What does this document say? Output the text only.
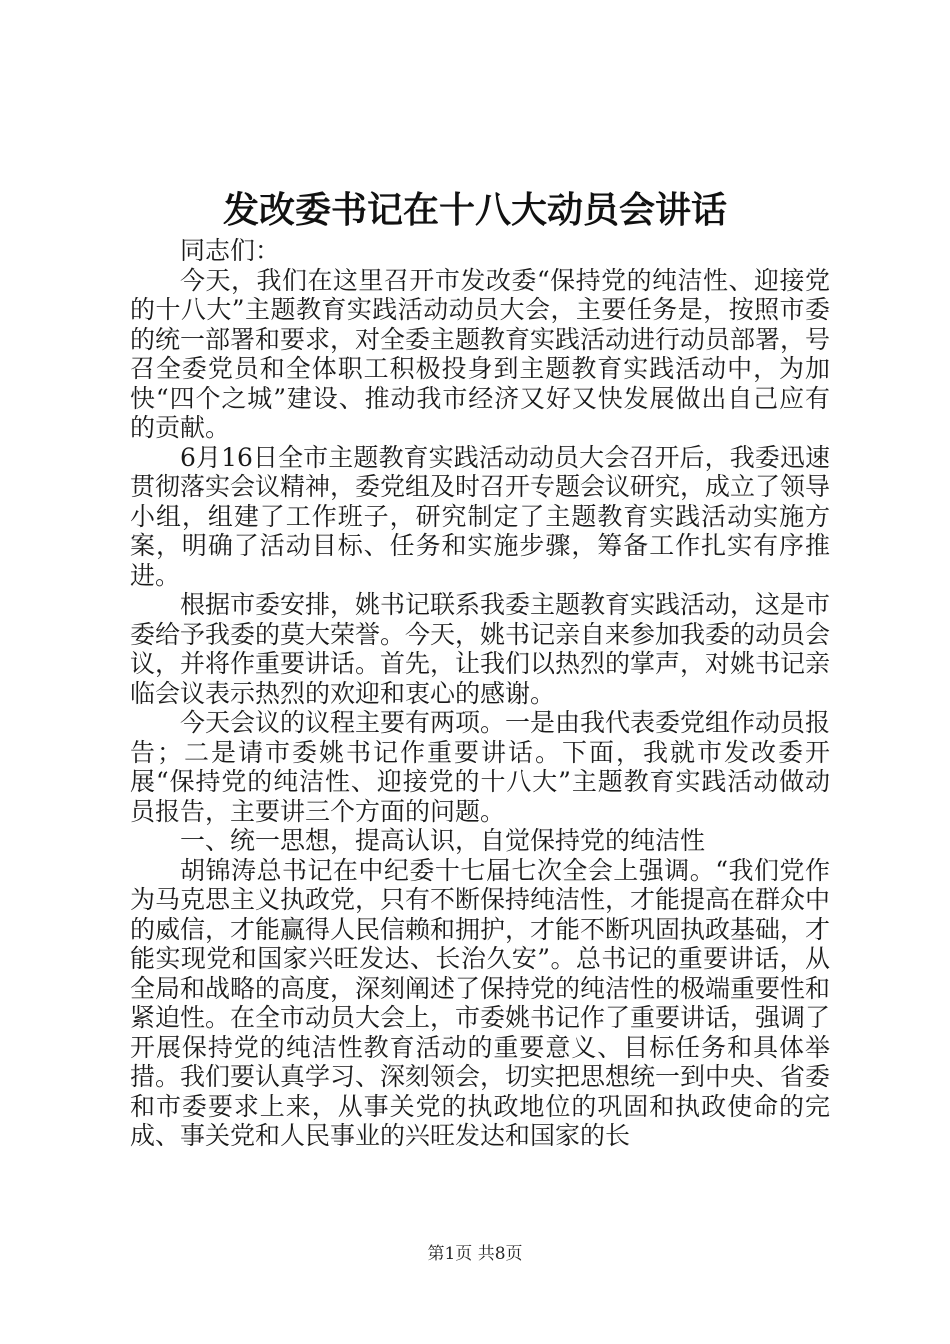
发改委书记在十八大动员会讲话

同志们：

今天，我们在这里召开市发改委“保持党的纯洁性、迎接党的十八大”主题教育实践活动动员大会，主要任务是，按照市委的统一部署和要求，对全委主题教育实践活动进行动员部署，号召全委党员和全体职工积极投身到主题教育实践活动中，为加快“四个之城”建设、推动我市经济又好又快发展做出自己应有的贡献。

6月16日全市主题教育实践活动动员大会召开后，我委迅速贯彻落实会议精神，委党组及时召开专题会议研究，成立了领导小组，组建了工作班子，研究制定了主题教育实践活动实施方案，明确了活动目标、任务和实施步骤，筹备工作扎实有序推进。

根据市委安排，姚书记联系我委主题教育实践活动，这是市委给予我委的莫大荣誉。今天，姚书记亲自来参加我委的动员会议，并将作重要讲话。首先，让我们以热烈的掌声，对姚书记亲临会议表示热烈的欢迎和衷心的感谢。

今天会议的议程主要有两项。一是由我代表委党组作动员报告；二是请市委姚书记作重要讲话。下面，我就市发改委开展“保持党的纯洁性、迎接党的十八大”主题教育实践活动做动员报告，主要讲三个方面的问题。

一、统一思想，提高认识，自觉保持党的纯洁性

胡锦涛总书记在中纪委十七届七次全会上强调。“我们党作为马克思主义执政党，只有不断保持纯洁性，才能提高在群众中的威信，才能赢得人民信赖和拥护，才能不断巩固执政基础，才能实现党和国家兴旺发达、长治久安”。总书记的重要讲话，从全局和战略的高度，深刻阐述了保持党的纯洁性的极端重要性和紧迫性。在全市动员大会上，市委姚书记作了重要讲话，强调了开展保持党的纯洁性教育活动的重要意义、目标任务和具体举措。我们要认真学习、深刻领会，切实把思想统一到中央、省委和市委要求上来，从事关党的执政地位的巩固和执政使命的完成、事关党和人民事业的兴旺发达和国家的长

第1页 共8页
